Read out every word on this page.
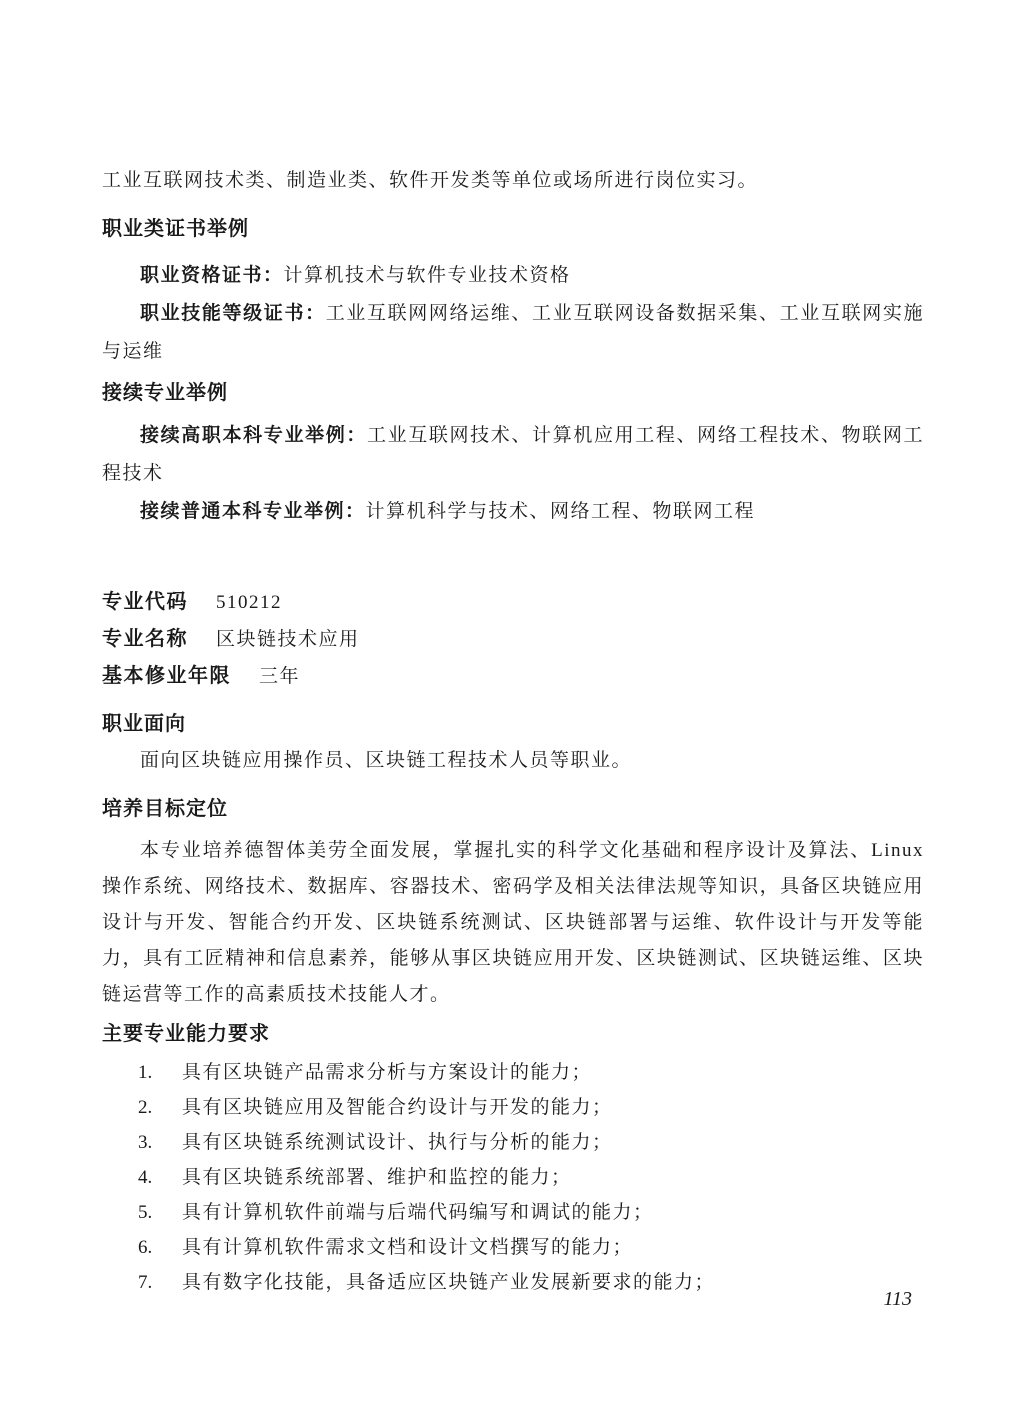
工业互联网技术类、制造业类、软件开发类等单位或场所进行岗位实习。

职业类证书举例

职业资格证书：计算机技术与软件专业技术资格

职业技能等级证书：工业互联网网络运维、工业互联网设备数据采集、工业互联网实施与运维

接续专业举例

接续高职本科专业举例：工业互联网技术、计算机应用工程、网络工程技术、物联网工程技术

接续普通本科专业举例：计算机科学与技术、网络工程、物联网工程

专业代码 510212
专业名称 区块链技术应用
基本修业年限 三年
职业面向

面向区块链应用操作员、区块链工程技术人员等职业。

培养目标定位

本专业培养德智体美劳全面发展，掌握扎实的科学文化基础和程序设计及算法、Linux 操作系统、网络技术、数据库、容器技术、密码学及相关法律法规等知识，具备区块链应用设计与开发、智能合约开发、区块链系统测试、区块链部署与运维、软件设计与开发等能力，具有工匠精神和信息素养，能够从事区块链应用开发、区块链测试、区块链运维、区块链运营等工作的高素质技术技能人才。

主要专业能力要求
1.	具有区块链产品需求分析与方案设计的能力；
2.	具有区块链应用及智能合约设计与开发的能力；
3.	具有区块链系统测试设计、执行与分析的能力；
4.	具有区块链系统部署、维护和监控的能力；
5.	具有计算机软件前端与后端代码编写和调试的能力；
6.	具有计算机软件需求文档和设计文档撰写的能力；
7.	具有数字化技能，具备适应区块链产业发展新要求的能力；
113
